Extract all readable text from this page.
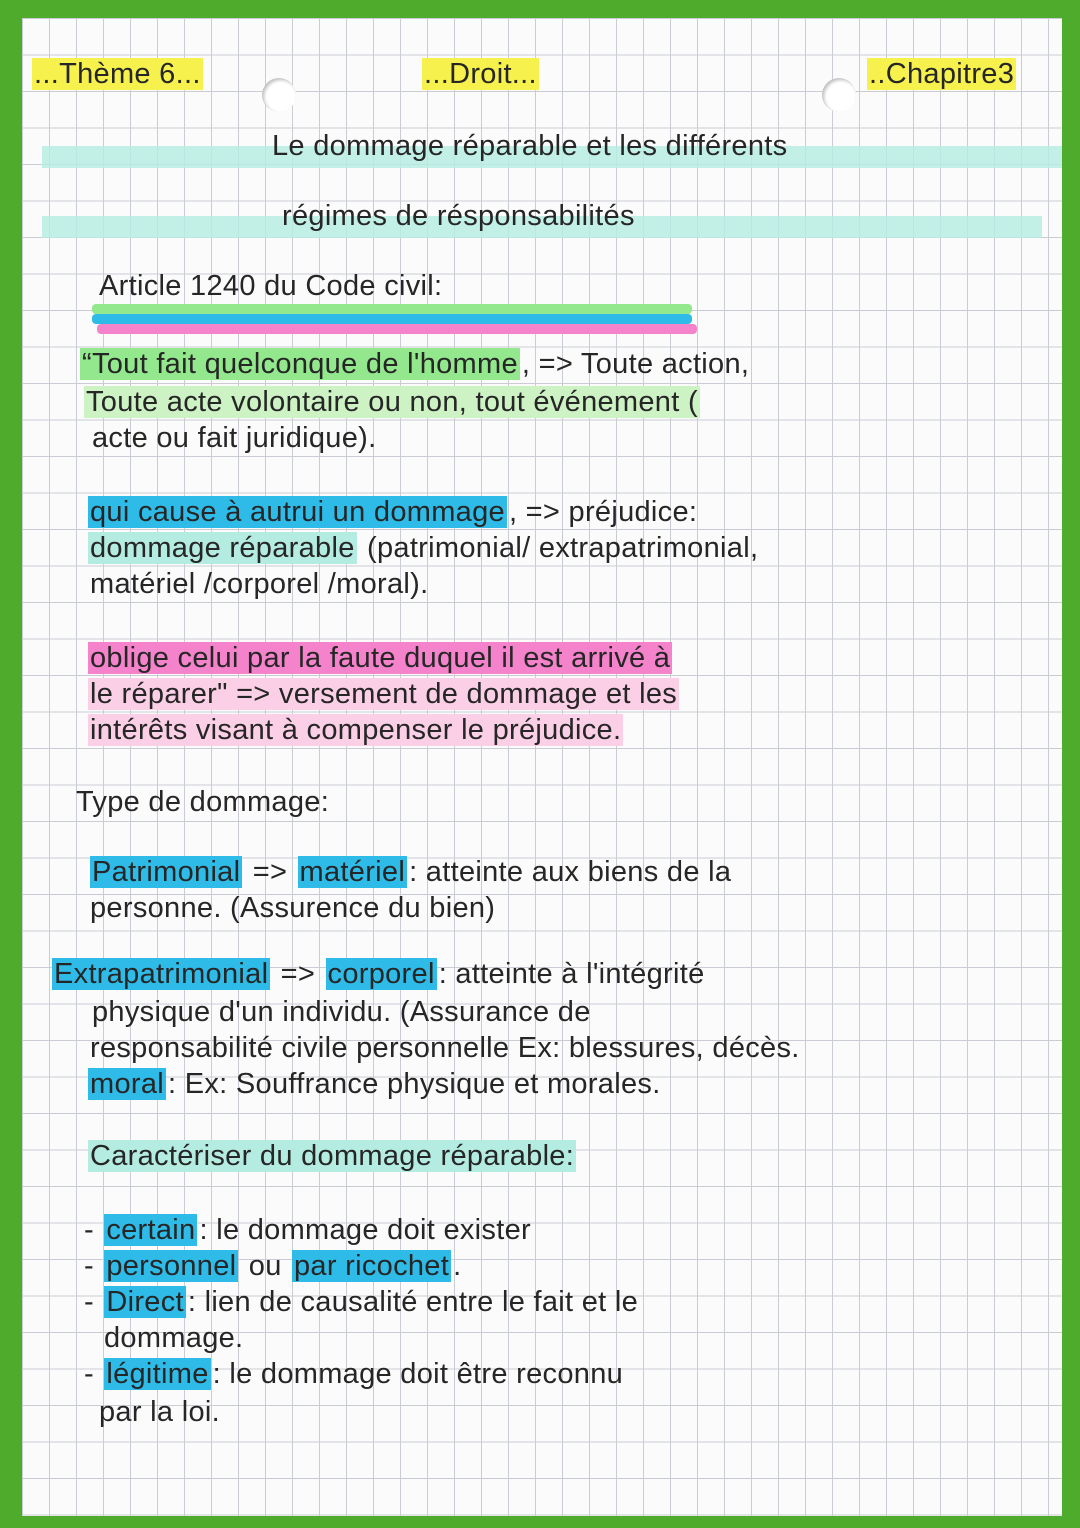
...Thème 6...	...Droit...	..Chapitre3
Le dommage réparable et les différents
régimes de résponsabilités
Article 1240 du Code civil:
“Tout fait quelconque de l'homme , => Toute action,
Toute acte volontaire ou non, tout événement (
acte ou fait juridique).
qui cause à autrui un dommage , => préjudice:
dommage réparable (patrimonial/ extrapatrimonial,
matériel /corporel /moral).
oblige celui par la faute duquel il est arrivé à
le réparer" => versement de dommage et les
intérêts visant à compenser le préjudice.
Type de dommage:
Patrimonial => matériel : atteinte aux biens de la
personne. (Assurence du bien)
Extrapatrimonial => corporel : atteinte à l'intégrité
physique d'un individu. (Assurance de
responsabilité civile personnelle Ex: blessures, décès.
moral : Ex: Souffrance physique et morales.
Caractériser du dommage réparable:
- certain : le dommage doit exister
- personnel ou par ricochet .
- Direct : lien de causalité entre le fait et le
dommage.
- légitime : le dommage doit être reconnu
par la loi.
